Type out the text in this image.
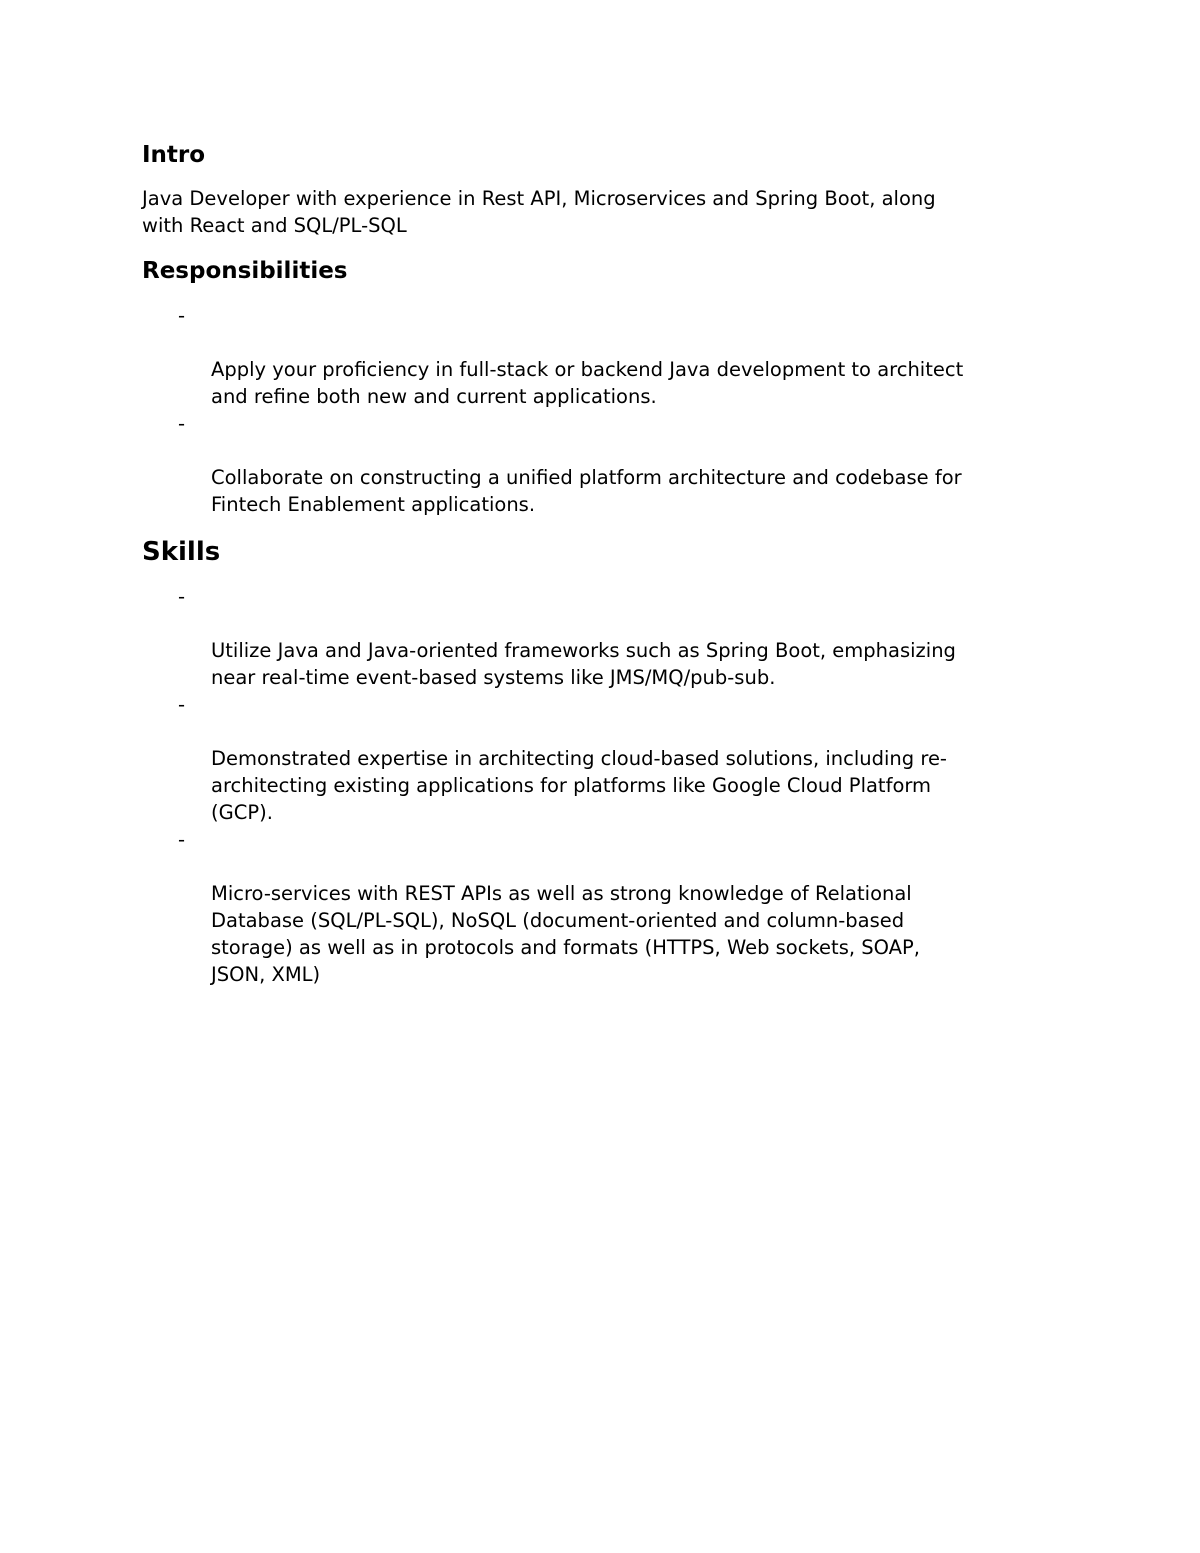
Intro

Java Developer with experience in Rest API, Microservices and Spring Boot, along
with React and SQL/PL-SQL

Responsibilities

-

Apply your proficiency in full-stack or backend Java development to architect
and refine both new and current applications.

-

Collaborate on constructing a unified platform architecture and codebase for
Fintech Enablement applications.

Skills

-

Utilize Java and Java-oriented frameworks such as Spring Boot, emphasizing
near real-time event-based systems like JMS/MQ/pub-sub.

-

Demonstrated expertise in architecting cloud-based solutions, including re-
architecting existing applications for platforms like Google Cloud Platform
(GCP).

-

Micro-services with REST APIs as well as strong knowledge of Relational
Database (SQL/PL-SQL), NoSQL (document-oriented and column-based
storage) as well as in protocols and formats (HTTPS, Web sockets, SOAP,
JSON, XML)
